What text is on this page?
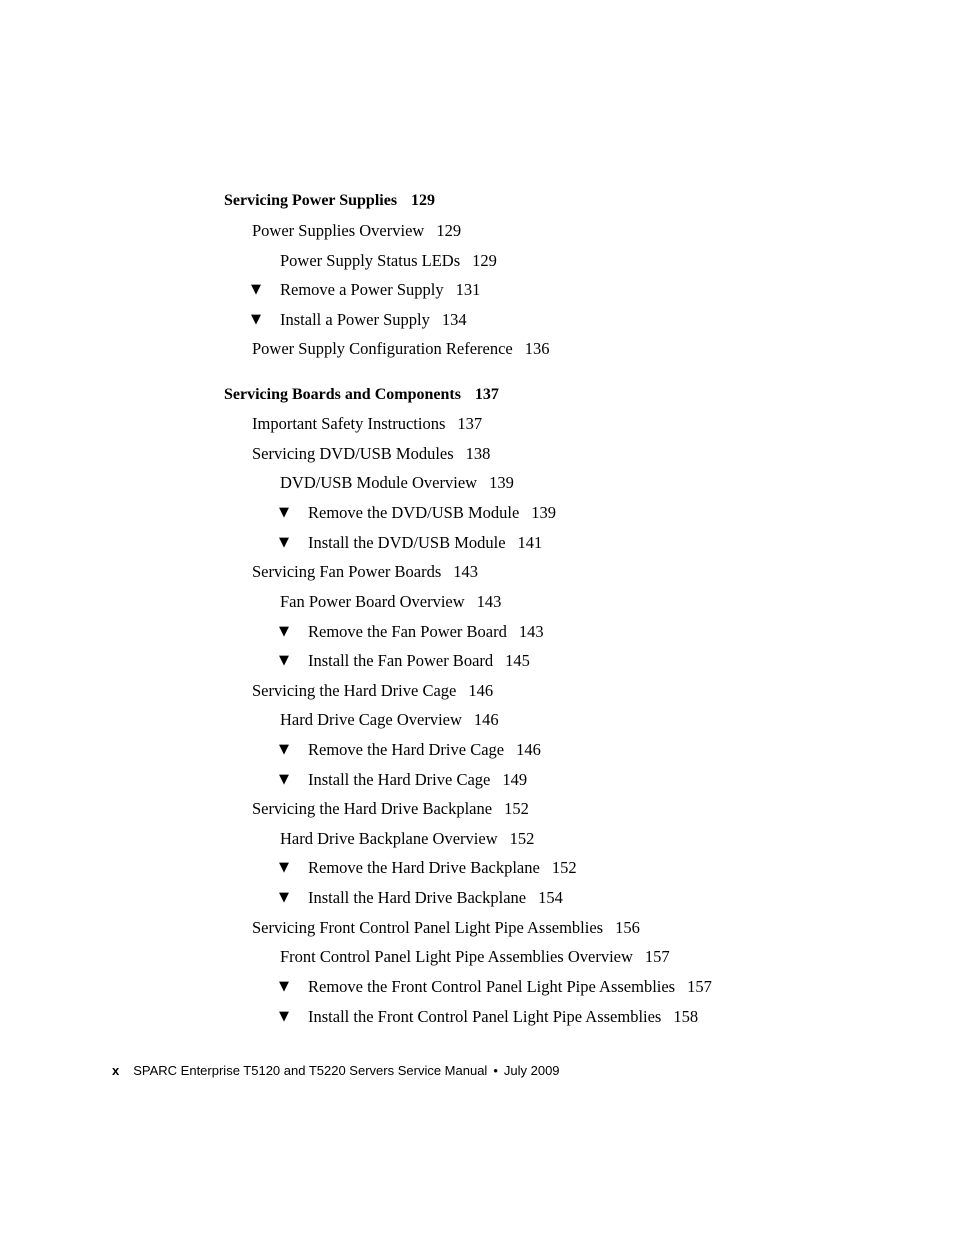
Servicing Power Supplies 129
Power Supplies Overview 129
Power Supply Status LEDs 129
▼ Remove a Power Supply 131
▼ Install a Power Supply 134
Power Supply Configuration Reference 136
Servicing Boards and Components 137
Important Safety Instructions 137
Servicing DVD/USB Modules 138
DVD/USB Module Overview 139
▼ Remove the DVD/USB Module 139
▼ Install the DVD/USB Module 141
Servicing Fan Power Boards 143
Fan Power Board Overview 143
▼ Remove the Fan Power Board 143
▼ Install the Fan Power Board 145
Servicing the Hard Drive Cage 146
Hard Drive Cage Overview 146
▼ Remove the Hard Drive Cage 146
▼ Install the Hard Drive Cage 149
Servicing the Hard Drive Backplane 152
Hard Drive Backplane Overview 152
▼ Remove the Hard Drive Backplane 152
▼ Install the Hard Drive Backplane 154
Servicing Front Control Panel Light Pipe Assemblies 156
Front Control Panel Light Pipe Assemblies Overview 157
▼ Remove the Front Control Panel Light Pipe Assemblies 157
▼ Install the Front Control Panel Light Pipe Assemblies 158
x SPARC Enterprise T5120 and T5220 Servers Service Manual • July 2009
